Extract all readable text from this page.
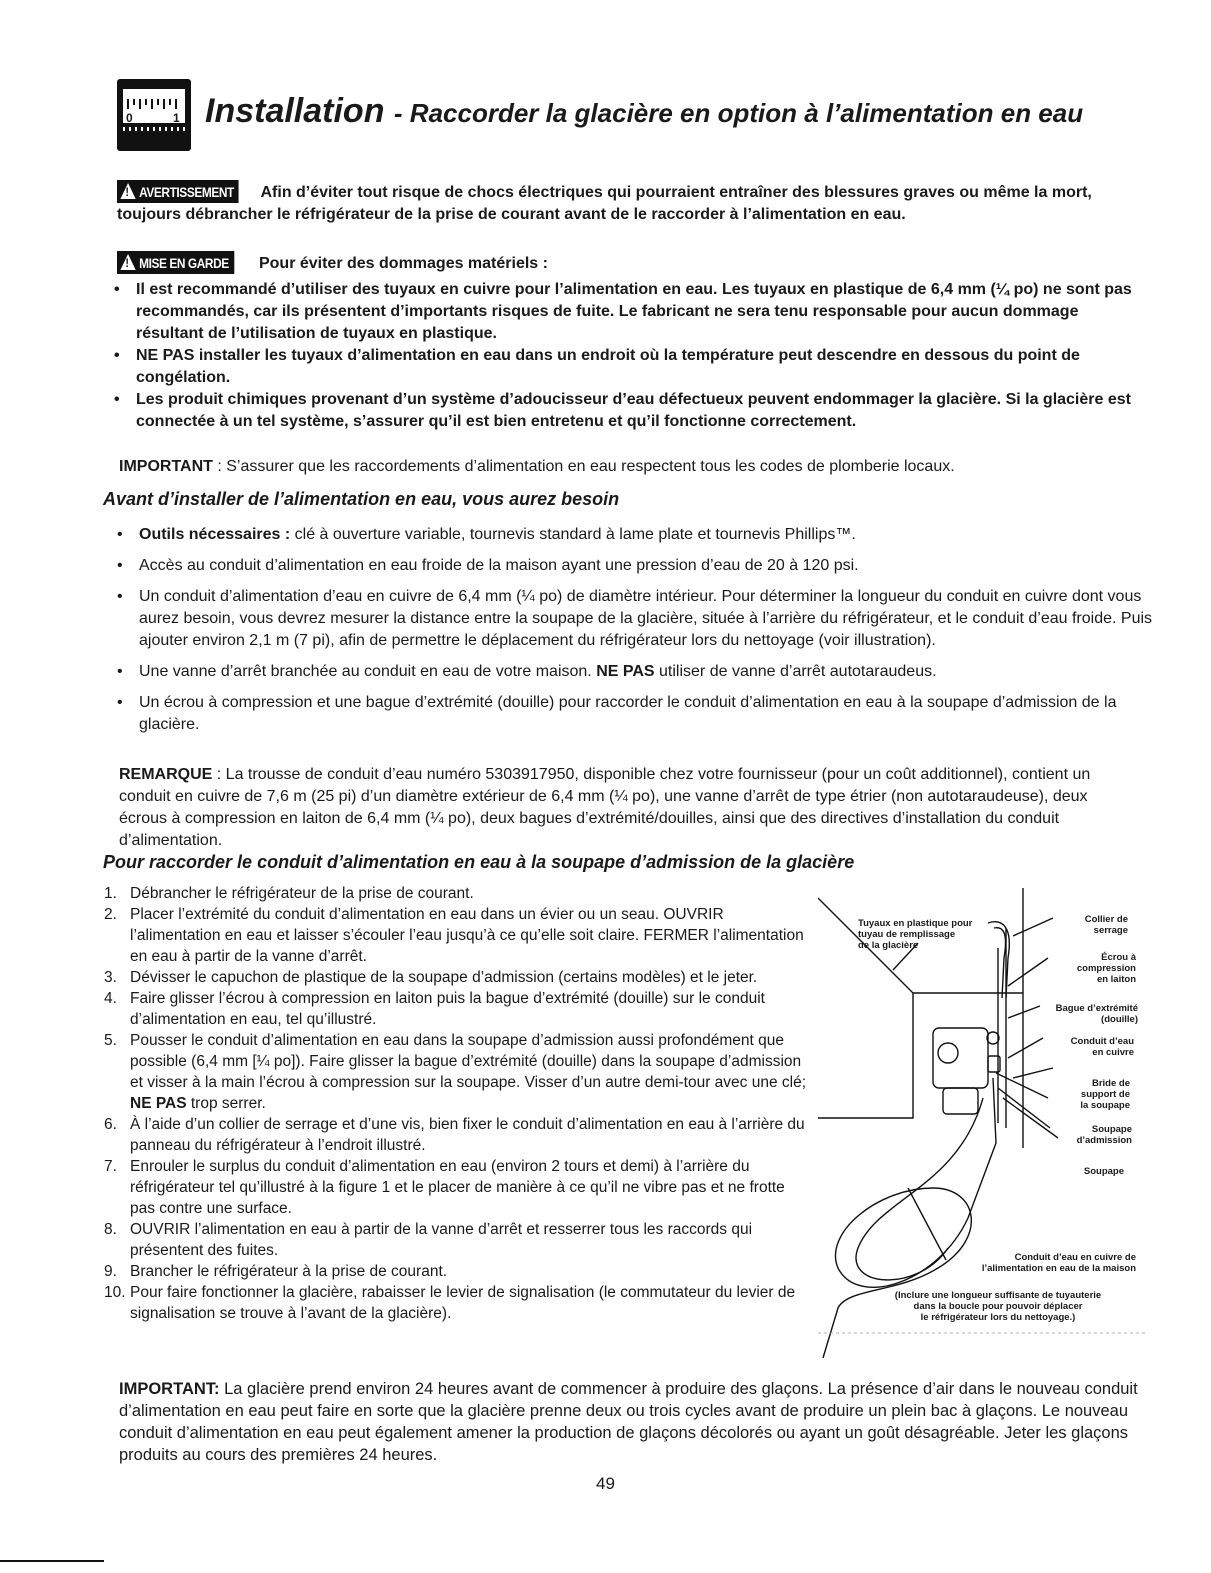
0	1 Installation - Raccorder la glacière en option à l’alimentation en eau
!AVERTISSEMENT Afin d’éviter tout risque de chocs électriques qui pourraient entraîner des blessures graves ou même la mort, toujours débrancher le réfrigérateur de la prise de courant avant de le raccorder à l’alimentation en eau.
!MISE EN GARDE Pour éviter des dommages matériels :
• Il est recommandé d’utiliser des tuyaux en cuivre pour l’alimentation en eau. Les tuyaux en plastique de 6,4 mm (¼ po) ne sont pas recommandés, car ils présentent d’importants risques de fuite. Le fabricant ne sera tenu responsable pour aucun dommage résultant de l’utilisation de tuyaux en plastique.
• NE PAS installer les tuyaux d’alimentation en eau dans un endroit où la température peut descendre en dessous du point de congélation.
• Les produit chimiques provenant d’un système d’adoucisseur d’eau défectueux peuvent endommager la glacière. Si la glacière est connectée à un tel système, s’assurer qu’il est bien entretenu et qu’il fonctionne correctement.
IMPORTANT : S’assurer que les raccordements d’alimentation en eau respectent tous les codes de plomberie locaux.
Avant d’installer de l’alimentation en eau, vous aurez besoin
• Outils nécessaires : clé à ouverture variable, tournevis standard à lame plate et tournevis Phillips™.
• Accès au conduit d’alimentation en eau froide de la maison ayant une pression d’eau de 20 à 120 psi.
• Un conduit d’alimentation d’eau en cuivre de 6,4 mm (¼ po) de diamètre intérieur. Pour déterminer la longueur du conduit en cuivre dont vous aurez besoin, vous devrez mesurer la distance entre la soupape de la glacière, située à l’arrière du réfrigérateur, et le conduit d’eau froide. Puis ajouter environ 2,1 m (7 pi), afin de permettre le déplacement du réfrigérateur lors du nettoyage (voir illustration).
• Une vanne d’arrêt branchée au conduit en eau de votre maison. NE PAS utiliser de vanne d’arrêt autotaraudeus.
• Un écrou à compression et une bague d’extrémité (douille) pour raccorder le conduit d’alimentation en eau à la soupape d’admission de la glacière.
REMARQUE : La trousse de conduit d’eau numéro 5303917950, disponible chez votre fournisseur (pour un coût additionnel), contient un conduit en cuivre de 7,6 m (25 pi) d’un diamètre extérieur de 6,4 mm (¼ po), une vanne d’arrêt de type étrier (non autotaraudeuse), deux écrous à compression en laiton de 6,4 mm (¼ po), deux bagues d’extrémité/douilles, ainsi que des directives d’installation du conduit d’alimentation.
Pour raccorder le conduit d’alimentation en eau à la soupape d’admission de la glacière
1. Débrancher le réfrigérateur de la prise de courant.
2. Placer l’extrémité du conduit d’alimentation en eau dans un évier ou un seau. OUVRIR l’alimentation en eau et laisser s’écouler l’eau jusqu’à ce qu’elle soit claire. FERMER l’alimentation en eau à partir de la vanne d’arrêt.
3. Dévisser le capuchon de plastique de la soupape d’admission (certains modèles) et le jeter.
4. Faire glisser l’écrou à compression en laiton puis la bague d’extrémité (douille) sur le conduit d’alimentation en eau, tel qu’illustré.
5. Pousser le conduit d’alimentation en eau dans la soupape d’admission aussi profondément que possible (6,4 mm [¼ po]). Faire glisser la bague d’extrémité (douille) dans la soupape d’admission et visser à la main l’écrou à compression sur la soupape. Visser d’un autre demi-tour avec une clé; NE PAS trop serrer.
6. À l’aide d’un collier de serrage et d’une vis, bien fixer le conduit d’alimentation en eau à l’arrière du panneau du réfrigérateur à l’endroit illustré.
7. Enrouler le surplus du conduit d’alimentation en eau (environ 2 tours et demi) à l’arrière du réfrigérateur tel qu’illustré à la figure 1 et le placer de manière à ce qu’il ne vibre pas et ne frotte pas contre une surface.
8. OUVRIR l’alimentation en eau à partir de la vanne d’arrêt et resserrer tous les raccords qui présentent des fuites.
9. Brancher le réfrigérateur à la prise de courant.
10. Pour faire fonctionner la glacière, rabaisser le levier de signalisation (le commutateur du levier de signalisation se trouve à l’avant de la glacière).
Tuyaux en plastique pour
tuyau de remplissage
de la glacière
Collier de
serrage
Écrou à
compression
en laiton
Bague d’extrémité
(douille)
Conduit d’eau
en cuivre
Bride de
support de
la soupape
Soupape
d’admission
Soupape
Conduit d’eau en cuivre de
l’alimentation en eau de la maison
(Inclure une longueur suffisante de tuyauterie
dans la boucle pour pouvoir déplacer
le réfrigérateur lors du nettoyage.)
IMPORTANT: La glacière prend environ 24 heures avant de commencer à produire des glaçons. La présence d’air dans le nouveau conduit d’alimentation en eau peut faire en sorte que la glacière prenne deux ou trois cycles avant de produire un plein bac à glaçons. Le nouveau conduit d’alimentation en eau peut également amener la production de glaçons décolorés ou ayant un goût désagréable. Jeter les glaçons produits au cours des premières 24 heures.
49
